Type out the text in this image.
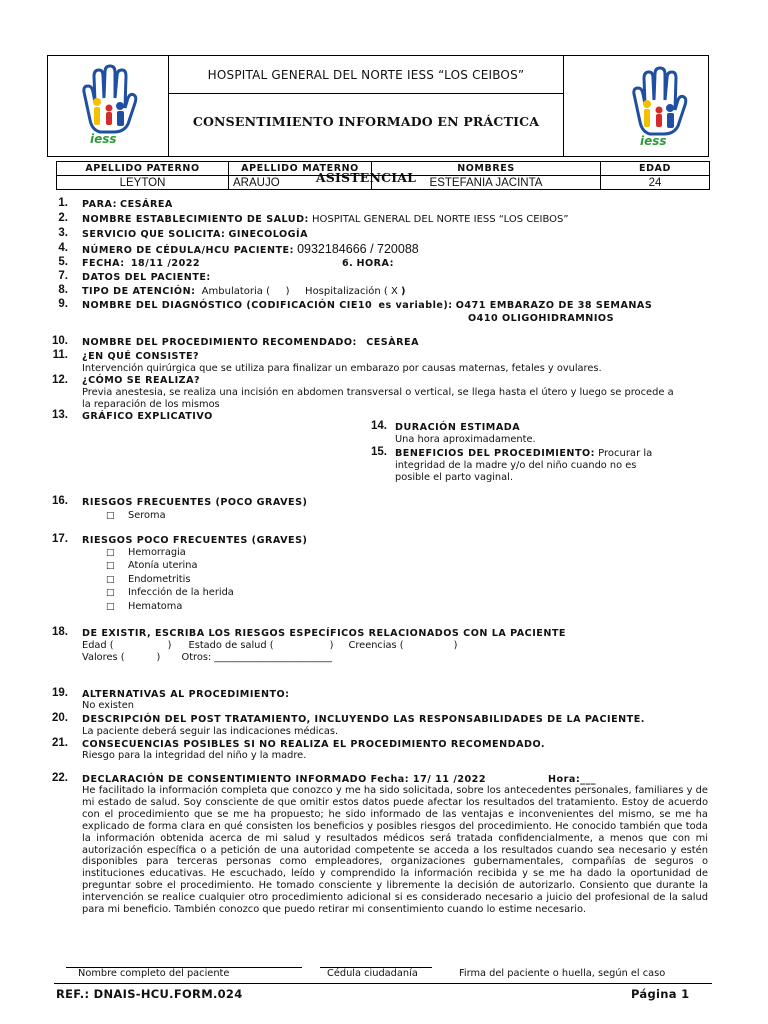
iess
HOSPITAL GENERAL DEL NORTE IESS “LOS CEIBOS”
CONSENTIMIENTO INFORMADO EN PRÁCTICA ASISTENCIAL
iess
APELLIDO PATERNO	APELLIDO MATERNO	NOMBRES	EDAD
LEYTON	ARAUJO	ESTEFANIA JACINTA	24
1. PARA: CESÁREA
2. NOMBRE ESTABLECIMIENTO DE SALUD: HOSPITAL GENERAL DEL NORTE IESS “LOS CEIBOS”
3. SERVICIO QUE SOLICITA: GINECOLOGÍA
4. NÚMERO DE CÉDULA/HCU PACIENTE: 0932184666 / 720088
5. FECHA: 18/11 /2022	6. HORA:
7. DATOS DEL PACIENTE:
8. TIPO DE ATENCIÓN: Ambulatoria ( ) Hospitalización ( X )
9. NOMBRE DEL DIAGNÓSTICO (CODIFICACIÓN CIE10 es variable): O471 EMBARAZO DE 38 SEMANAS
O410 OLIGOHIDRAMNIOS
10. NOMBRE DEL PROCEDIMIENTO RECOMENDADO: CESÀREA
11. ¿EN QUÉ CONSISTE?
Intervención quirúrgica que se utiliza para finalizar un embarazo por causas maternas, fetales y ovulares.
12. ¿CÓMO SE REALIZA?
Previa anestesia, se realiza una incisión en abdomen transversal o vertical, se llega hasta el útero y luego se procede a
la reparación de los mismos
13. GRÁFICO EXPLICATIVO
14. DURACIÓN ESTIMADA
Una hora aproximadamente.
15. BENEFICIOS DEL PROCEDIMIENTO: Procurar la
integridad de la madre y/o del niño cuando no es
posible el parto vaginal.
16. RIESGOS FRECUENTES (POCO GRAVES)
□ Seroma
17. RIESGOS POCO FRECUENTES (GRAVES)
□ Hemorragia
□ Atonía uterina
□ Endometritis
□ Infección de la herida
□ Hematoma
18. DE EXISTIR, ESCRIBA LOS RIESGOS ESPECÍFICOS RELACIONADOS CON LA PACIENTE
Edad (	) Estado de salud (	) Creencias (	)
Valores (	) Otros: ________________________
19. ALTERNATIVAS AL PROCEDIMIENTO:
No existen
20. DESCRIPCIÓN DEL POST TRATAMIENTO, INCLUYENDO LAS RESPONSABILIDADES DE LA PACIENTE.
La paciente deberá seguir las indicaciones médicas.
21. CONSECUENCIAS POSIBLES SI NO REALIZA EL PROCEDIMIENTO RECOMENDADO.
Riesgo para la integridad del niño y la madre.
22. DECLARACIÓN DE CONSENTIMIENTO INFORMADO Fecha: 17/ 11 /2022	Hora:___
He facilitado la información completa que conozco y me ha sido solicitada, sobre los antecedentes personales, familiares y de mi estado de salud. Soy consciente de que omitir estos datos puede afectar los resultados del tratamiento. Estoy de acuerdo con el procedimiento que se me ha propuesto; he sido informado de las ventajas e inconvenientes del mismo, se me ha explicado de forma clara en qué consisten los beneficios y posibles riesgos del procedimiento. He conocido también que toda la información obtenida acerca de mi salud y resultados médicos será tratada confidencialmente, a menos que con mi autorización específica o a petición de una autoridad competente se acceda a los resultados cuando sea necesario y estén disponibles para terceras personas como empleadores, organizaciones gubernamentales, compañías de seguros o instituciones educativas. He escuchado, leído y comprendido la información recibida y se me ha dado la oportunidad de preguntar sobre el procedimiento. He tomado consciente y libremente la decisión de autorizarlo. Consiento que durante la intervención se realice cualquier otro procedimiento adicional si es considerado necesario a juicio del profesional de la salud para mi beneficio. También conozco que puedo retirar mi consentimiento cuando lo estime necesario.
Nombre completo del paciente	Cédula ciudadanía	Firma del paciente o huella, según el caso
REF.: DNAIS-HCU.FORM.024	Página 1
